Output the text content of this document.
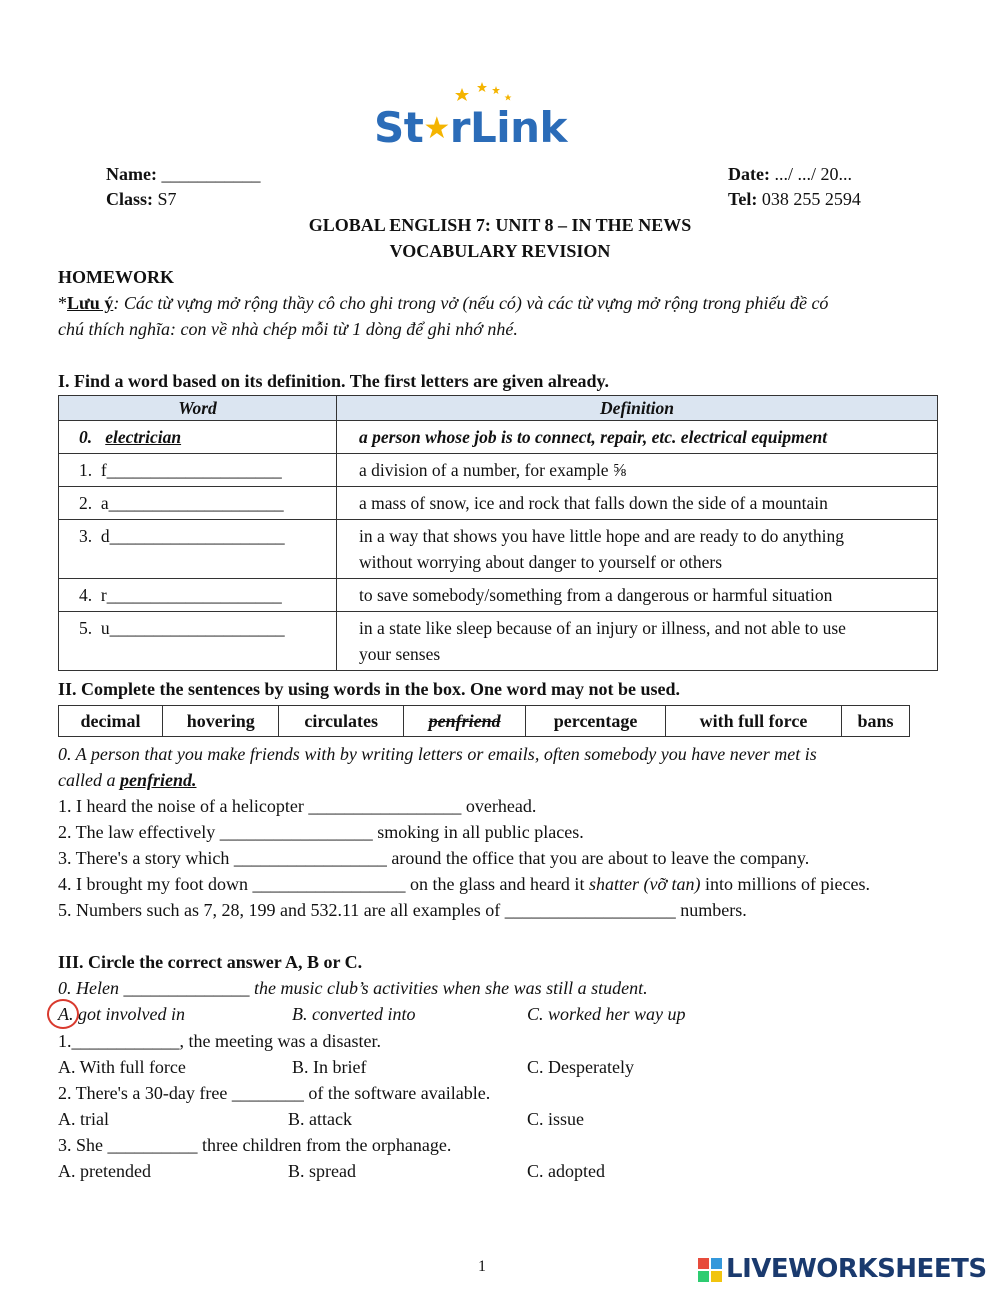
St★rLink
Name: ___________	Date: .../ .../ 20...
Class: S7	Tel: 038 255 2594
GLOBAL ENGLISH 7: UNIT 8 – IN THE NEWS
VOCABULARY REVISION
HOMEWORK
*Lưu ý: Các từ vựng mở rộng thầy cô cho ghi trong vở (nếu có) và các từ vựng mở rộng trong phiếu đề có
chú thích nghĩa: con về nhà chép mỗi từ 1 dòng để ghi nhớ nhé.
I. Find a word based on its definition. The first letters are given already.
Word	Definition
0. electrician	a person whose job is to connect, repair, etc. electrical equipment
1. f____________________	a division of a number, for example ⅝
2. a____________________	a mass of snow, ice and rock that falls down the side of a mountain
3. d____________________	in a way that shows you have little hope and are ready to do anything
without worrying about danger to yourself or others

4. r____________________	to save somebody/something from a dangerous or harmful situation
5. u____________________	in a state like sleep because of an injury or illness, and not able to use
your senses
II. Complete the sentences by using words in the box. One word may not be used.
decimal	hovering	circulates	penfriend	percentage	with full force	bans
0. A person that you make friends with by writing letters or emails, often somebody you have never met is
called a penfriend.
1. I heard the noise of a helicopter _________________ overhead.
2. The law effectively _________________ smoking in all public places.
3. There's a story which _________________ around the office that you are about to leave the company.
4. I brought my foot down _________________ on the glass and heard it shatter (vỡ tan) into millions of pieces.
5. Numbers such as 7, 28, 199 and 532.11 are all examples of ___________________ numbers.
III. Circle the correct answer A, B or C.
0. Helen ______________ the music club’s activities when she was still a student.
A. got involved in	B. converted into	C. worked her way up
1.____________, the meeting was a disaster.
A. With full force	B. In brief	C. Desperately
2. There's a 30-day free ________ of the software available.
A. trial	B. attack	C. issue
3. She __________ three children from the orphanage.
A. pretended	B. spread	C. adopted
1	LIVEWORKSHEETS
